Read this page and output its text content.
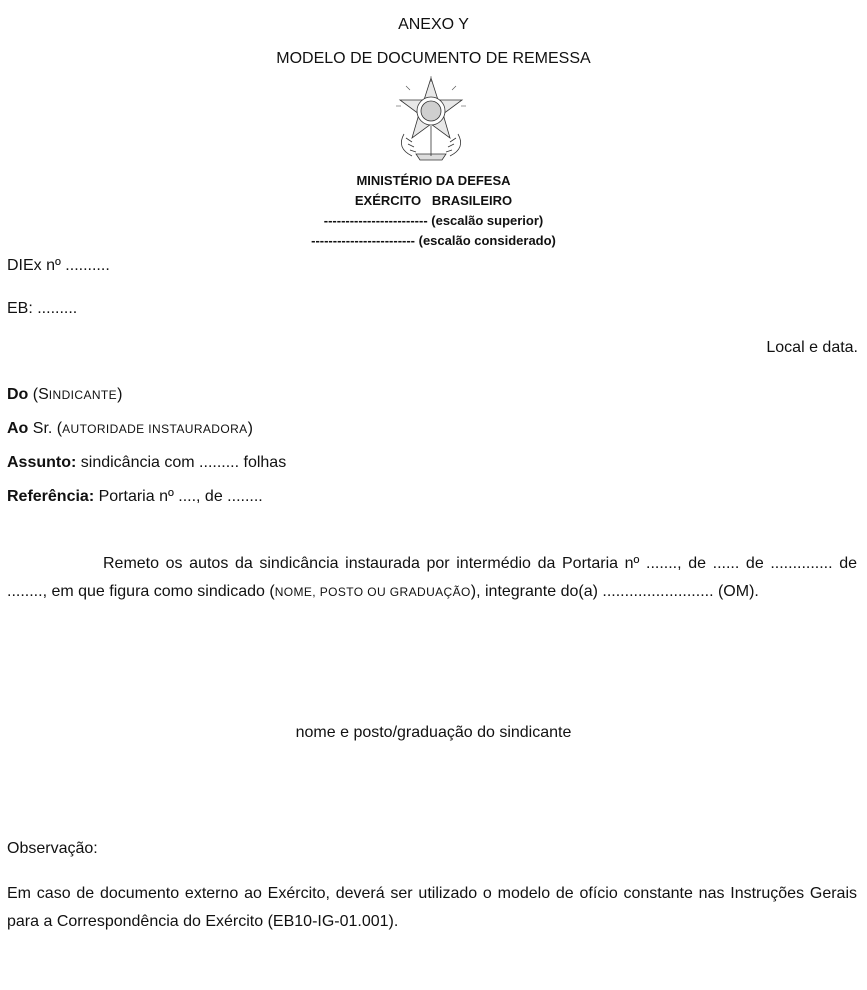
ANEXO Y
MODELO DE DOCUMENTO DE REMESSA
MINISTÉRIO DA DEFESA
EXÉRCITO   BRASILEIRO
------------------------ (escalão superior)
------------------------ (escalão considerado)
DIEx nº ..........
EB: .........
Local e data.
Do (SINDICANTE)
Ao Sr. (AUTORIDADE INSTAURADORA)
Assunto: sindicância com ......... folhas
Referência: Portaria nº ...., de ........

Remeto os autos da sindicância instaurada por intermédio da Portaria nº ......., de ...... de .............. de ........, em que figura como sindicado (NOME, POSTO OU GRADUAÇÃO), integrante do(a) ......................... (OM).

nome e posto/graduação do sindicante
Observação:

Em caso de documento externo ao Exército, deverá ser utilizado o modelo de ofício constante nas Instruções Gerais para a Correspondência do Exército (EB10-IG-01.001).
